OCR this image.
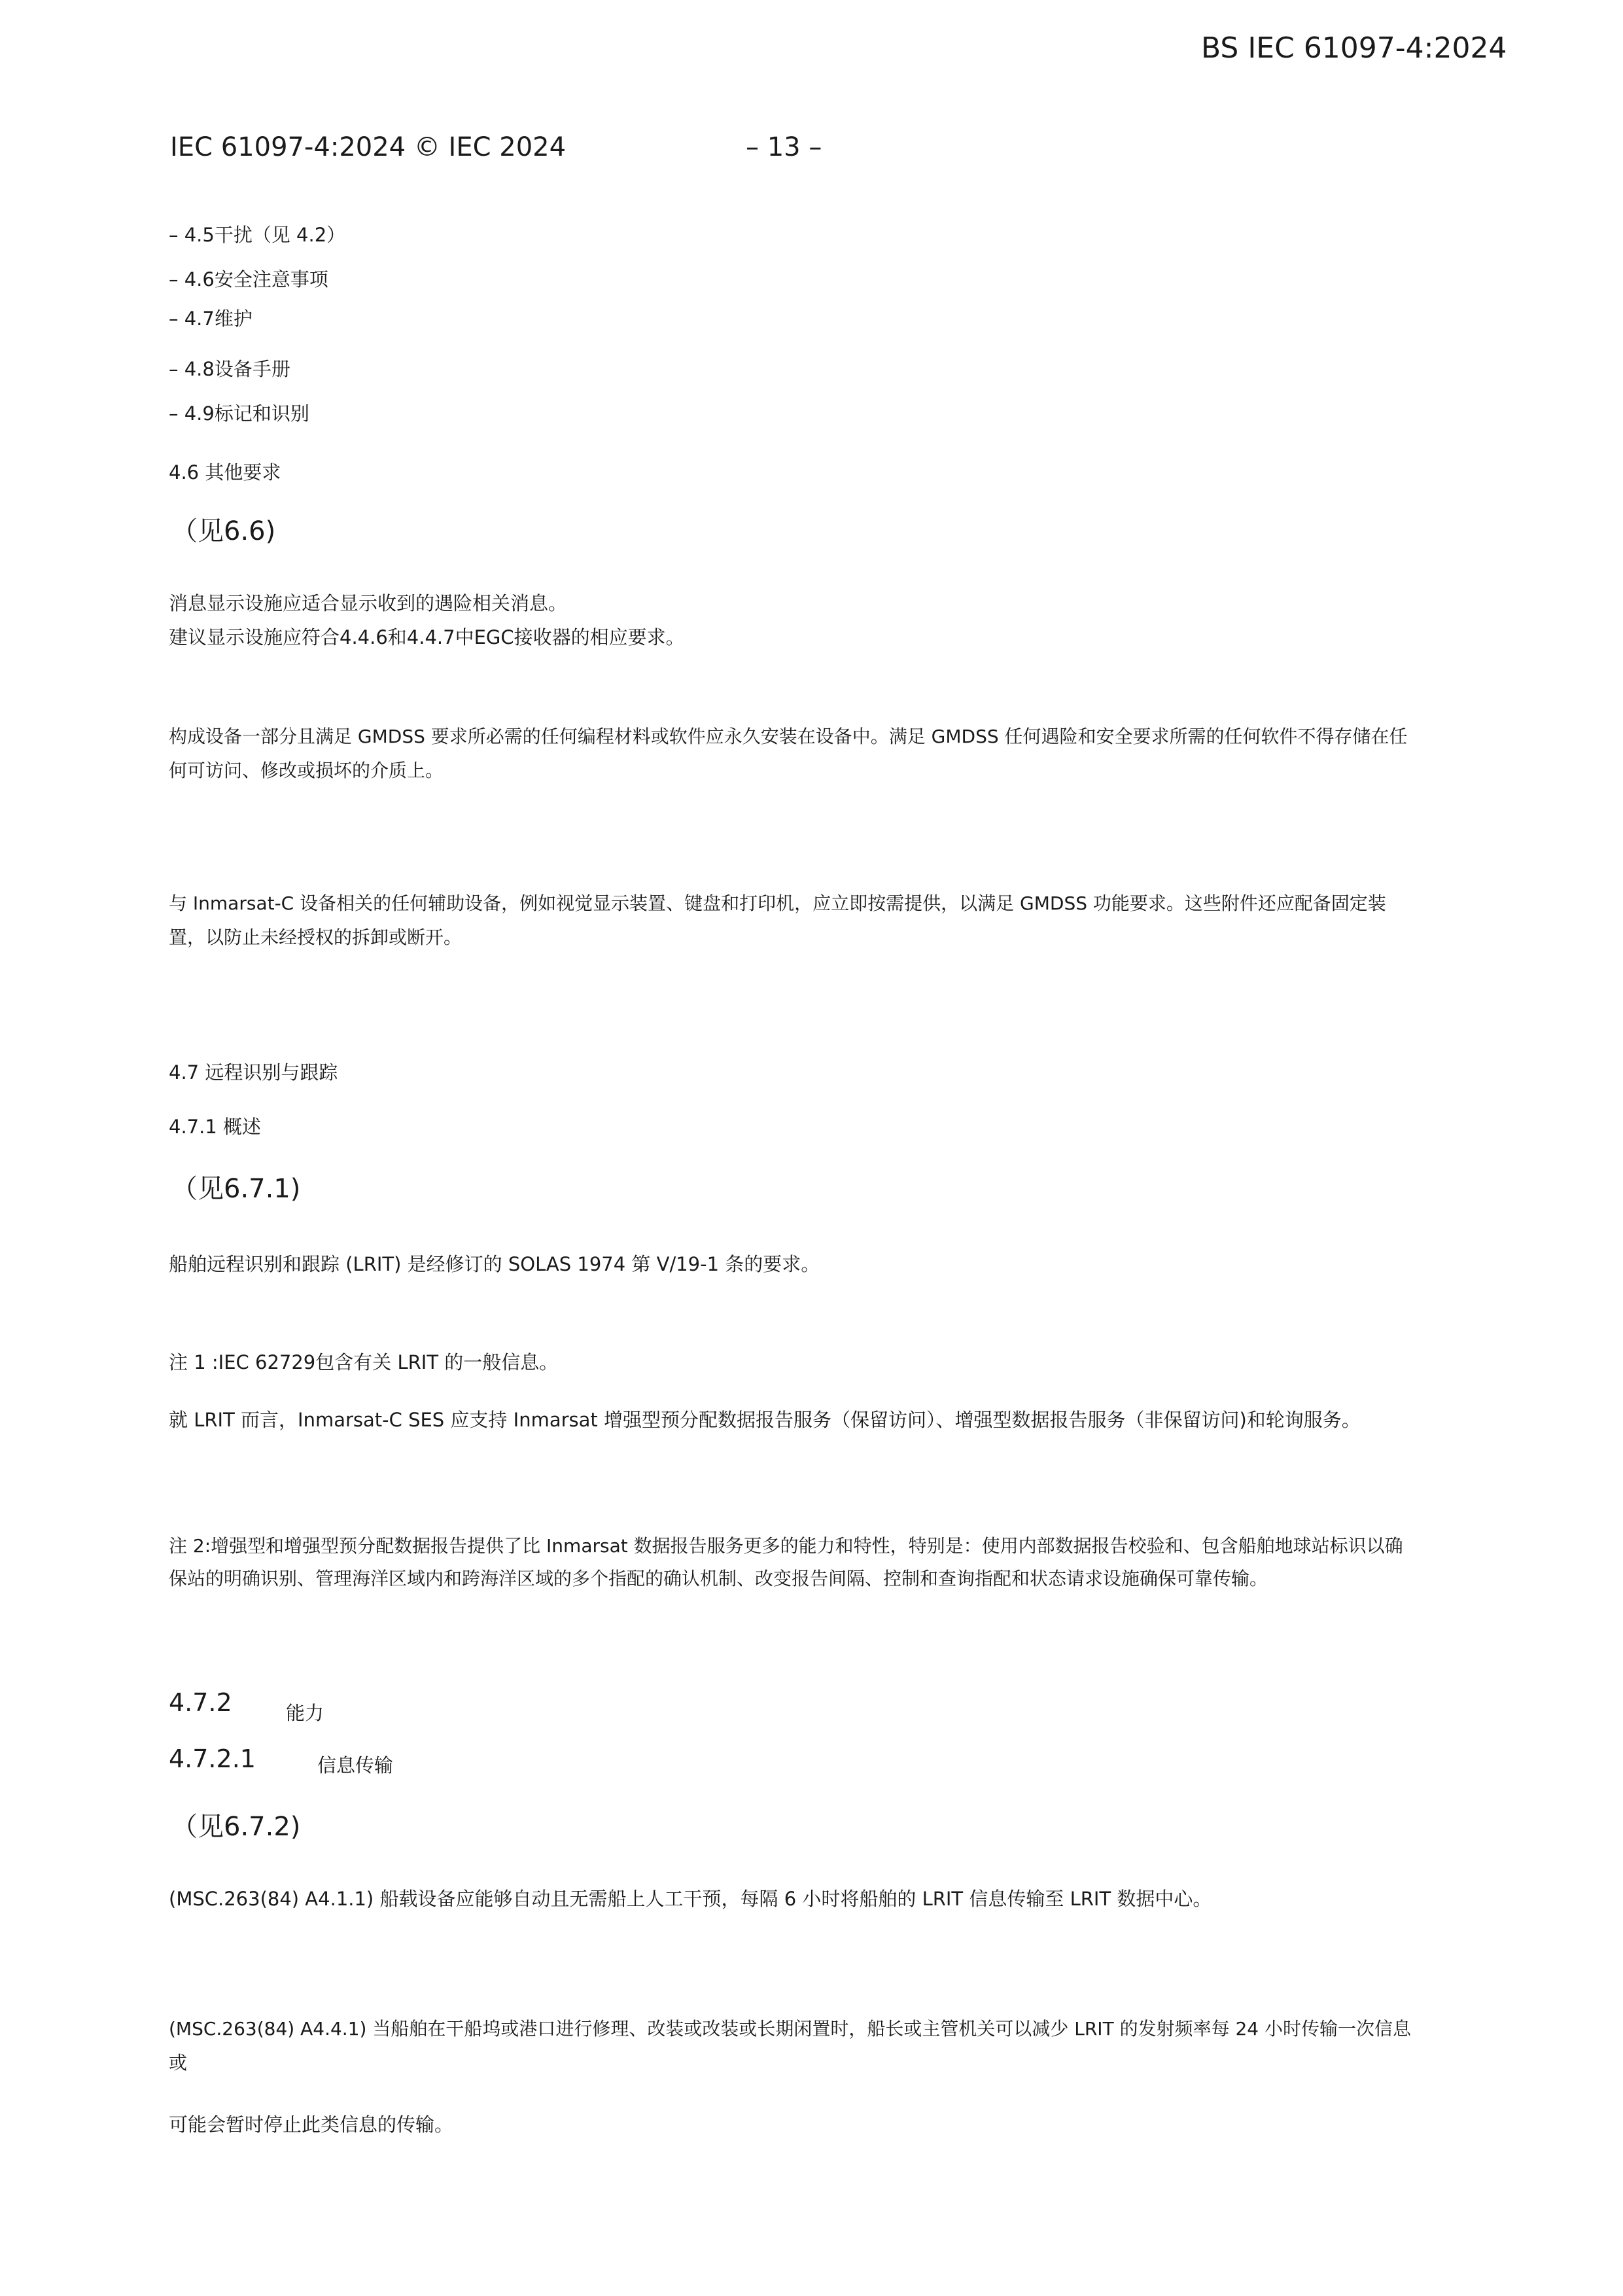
BS IEC 61097-4:2024
IEC 61097-4:2024 © IEC 2024	– 13 –
– 4.5干扰（见 4.2）
– 4.6安全注意事项
– 4.7维护
– 4.8设备手册
– 4.9标记和识别
4.6 其他要求
（见6.6)
消息显示设施应适合显示收到的遇险相关消息。
建议显示设施应符合4.4.6和4.4.7中EGC接收器的相应要求。
构成设备一部分且满足 GMDSS 要求所必需的任何编程材料或软件应永久安装在设备中。满足 GMDSS 任何遇险和安全要求所需的任何软件不得存储在任何可访问、修改或损坏的介质上。
与 Inmarsat-C 设备相关的任何辅助设备，例如视觉显示装置、键盘和打印机，应立即按需提供，以满足 GMDSS 功能要求。这些附件还应配备固定装置，以防止未经授权的拆卸或断开。
4.7 远程识别与跟踪
4.7.1 概述
（见6.7.1)
船舶远程识别和跟踪 (LRIT) 是经修订的 SOLAS 1974 第 V/19-1 条的要求。
注 1 :IEC 62729包含有关 LRIT 的一般信息。
就 LRIT 而言，Inmarsat-C SES 应支持 Inmarsat 增强型预分配数据报告服务（保留访问）、增强型数据报告服务（非保留访问)和轮询服务。
注 2:增强型和增强型预分配数据报告提供了比 Inmarsat 数据报告服务更多的能力和特性，特别是：使用内部数据报告校验和、包含船舶地球站标识以确保站的明确识别、管理海洋区域内和跨海洋区域的多个指配的确认机制、改变报告间隔、控制和查询指配和状态请求设施确保可靠传输。
4.7.2	能力
4.7.2.1	信息传输
（见6.7.2)
(MSC.263(84) A4.1.1) 船载设备应能够自动且无需船上人工干预，每隔 6 小时将船舶的 LRIT 信息传输至 LRIT 数据中心。
(MSC.263(84) A4.4.1) 当船舶在干船坞或港口进行修理、改装或改装或长期闲置时，船长或主管机关可以减少 LRIT 的发射频率每 24 小时传输一次信息或
可能会暂时停止此类信息的传输。
